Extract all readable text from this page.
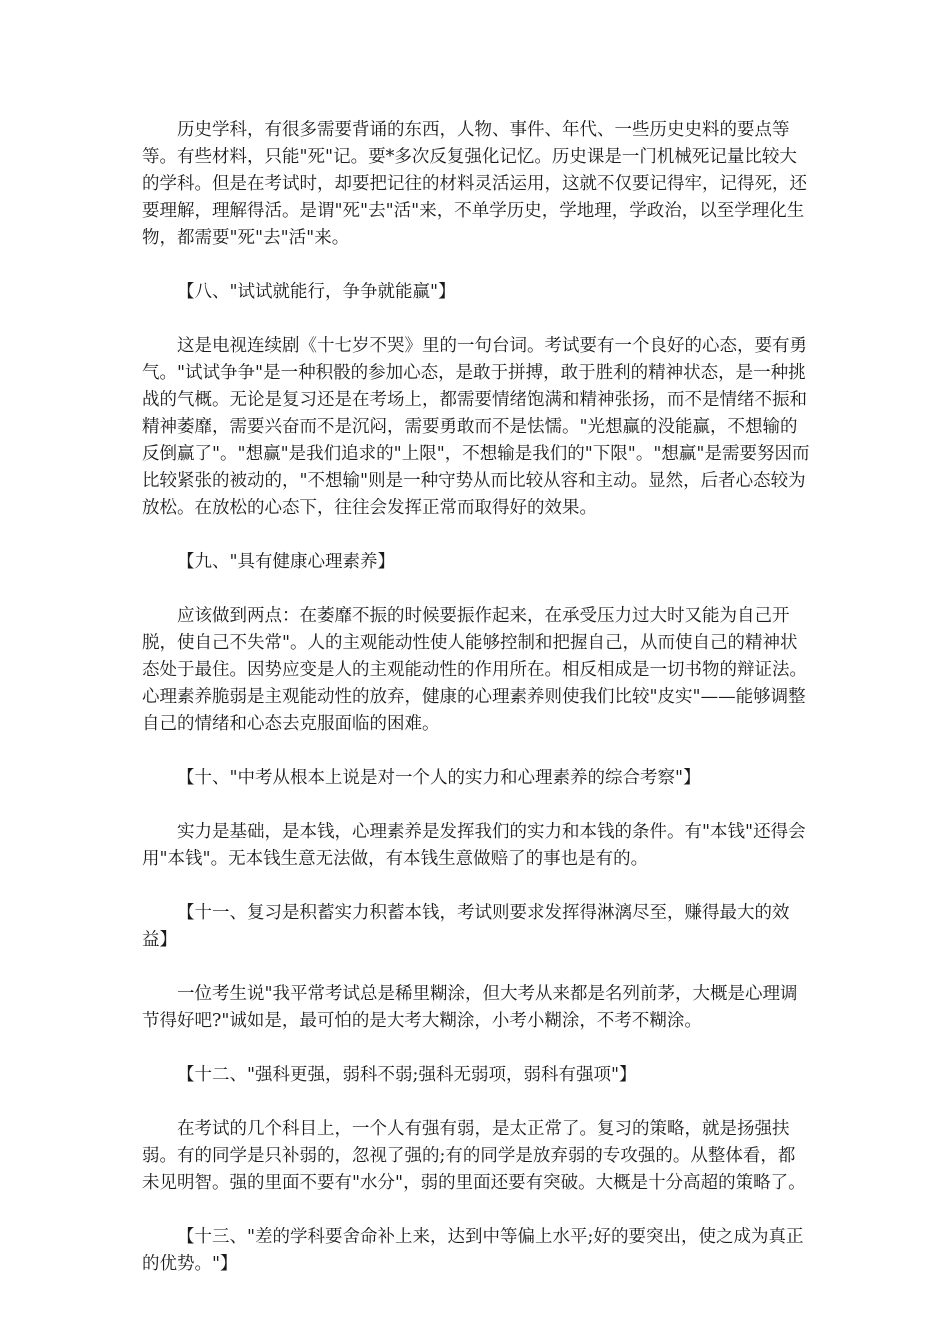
历史学科，有很多需要背诵的东西，人物、事件、年代、一些历史史料的要点等等。有些材料，只能"死"记。要*多次反复强化记忆。历史课是一门机械死记量比较大的学科。但是在考试时，却要把记往的材料灵活运用，这就不仅要记得牢，记得死，还要理解，理解得活。是谓"死"去"活"来，不单学历史，学地理，学政治，以至学理化生物，都需要"死"去"活"来。

【八、"试试就能行，争争就能赢"】

这是电视连续剧《十七岁不哭》里的一句台词。考试要有一个良好的心态，要有勇气。"试试争争"是一种积骰的参加心态，是敢于拼搏，敢于胜利的精神状态，是一种挑战的气概。无论是复习还是在考场上，都需要情绪饱满和精神张扬，而不是情绪不振和精神萎靡，需要兴奋而不是沉闷，需要勇敢而不是怯懦。"光想赢的没能赢，不想输的反倒赢了"。"想赢"是我们追求的"上限"，不想输是我们的"下限"。"想赢"是需要努因而比较紧张的被动的，"不想输"则是一种守势从而比较从容和主动。显然，后者心态较为放松。在放松的心态下，往往会发挥正常而取得好的效果。

【九、"具有健康心理素养】

应该做到两点：在萎靡不振的时候要振作起来，在承受压力过大时又能为自己开脱，使自己不失常"。人的主观能动性使人能够控制和把握自己，从而使自己的精神状态处于最住。因势应变是人的主观能动性的作用所在。相反相成是一切书物的辩证法。心理素养脆弱是主观能动性的放弃，健康的心理素养则使我们比较"皮实"——能够调整自己的情绪和心态去克服面临的困难。

【十、"中考从根本上说是对一个人的实力和心理素养的综合考察"】

实力是基础，是本钱，心理素养是发挥我们的实力和本钱的条件。有"本钱"还得会用"本钱"。无本钱生意无法做，有本钱生意做赔了的事也是有的。

【十一、复习是积蓄实力积蓄本钱，考试则要求发挥得淋漓尽至，赚得最大的效益】

一位考生说"我平常考试总是稀里糊涂，但大考从来都是名列前茅，大概是心理调节得好吧?"诚如是，最可怕的是大考大糊涂，小考小糊涂，不考不糊涂。

【十二、"强科更强，弱科不弱;强科无弱项，弱科有强项"】

在考试的几个科目上，一个人有强有弱，是太正常了。复习的策略，就是扬强扶弱。有的同学是只补弱的，忽视了强的;有的同学是放弃弱的专攻强的。从整体看，都未见明智。强的里面不要有"水分"，弱的里面还要有突破。大概是十分高超的策略了。

【十三、"差的学科要舍命补上来，达到中等偏上水平;好的要突出，使之成为真正的优势。"】
